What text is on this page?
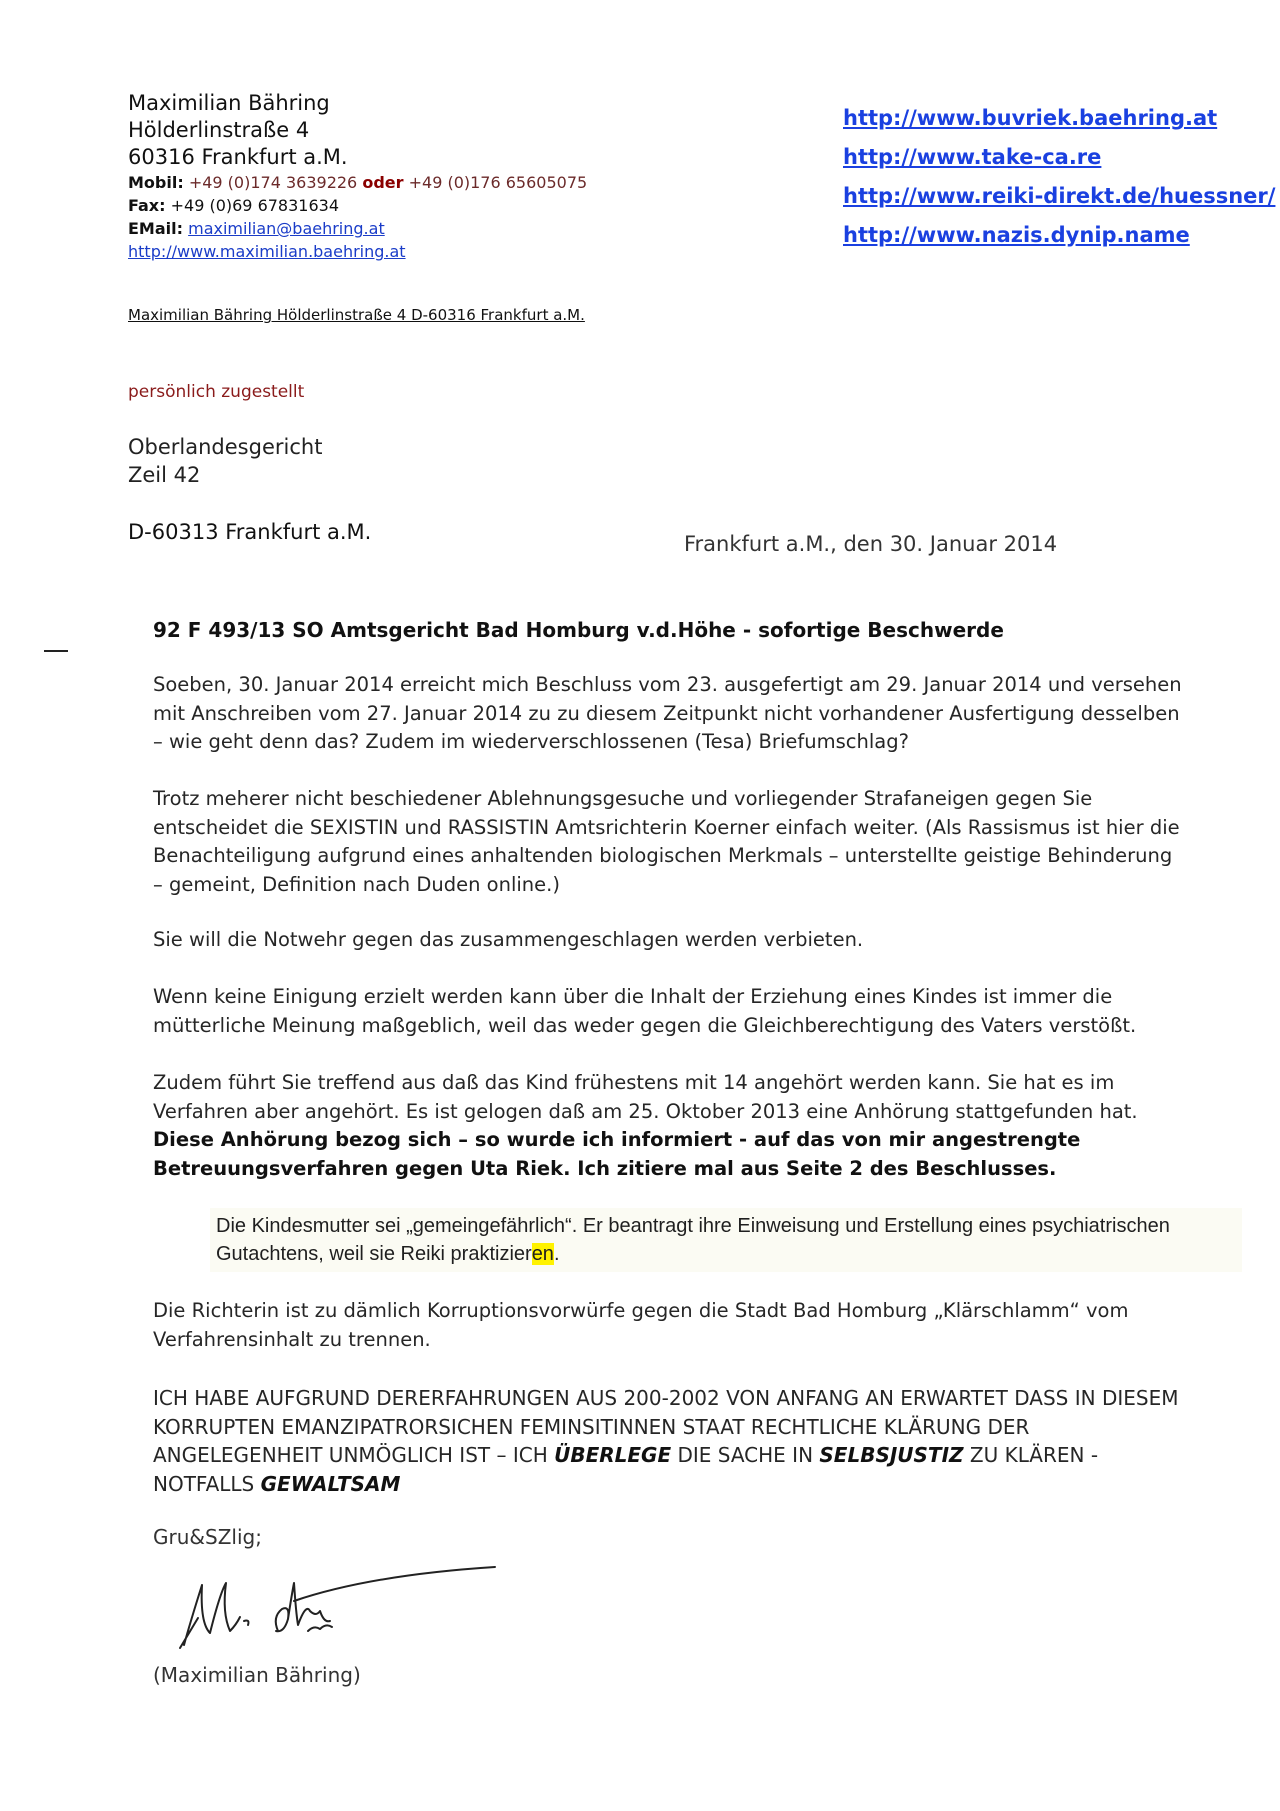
Maximilian Bähring
Hölderlinstraße 4
60316 Frankfurt a.M.
Mobil: +49 (0)174 3639226 oder +49 (0)176 65605075
Fax: +49 (0)69 67831634
EMail: maximilian@baehring.at
http://www.maximilian.baehring.at
http://www.buvriek.baehring.at
http://www.take-ca.re
http://www.reiki-direkt.de/huessner/
http://www.nazis.dynip.name
Maximilian Bähring Hölderlinstraße 4 D-60316 Frankfurt a.M.
persönlich zugestellt
Oberlandesgericht
Zeil 42
D-60313 Frankfurt a.M.	Frankfurt a.M., den 30. Januar 2014
92 F 493/13 SO Amtsgericht Bad Homburg v.d.Höhe - sofortige Beschwerde
Soeben, 30. Januar 2014 erreicht mich Beschluss vom 23. ausgefertigt am 29. Januar 2014 und versehen mit Anschreiben vom 27. Januar 2014 zu zu diesem Zeitpunkt nicht vorhandener Ausfertigung desselben – wie geht denn das? Zudem im wiederverschlossenen (Tesa) Briefumschlag?
Trotz meherer nicht beschiedener Ablehnungsgesuche und vorliegender Strafaneigen gegen Sie entscheidet die SEXISTIN und RASSISTIN Amtsrichterin Koerner einfach weiter. (Als Rassismus ist hier die Benachteiligung aufgrund eines anhaltenden biologischen Merkmals – unterstellte geistige Behinderung – gemeint, Definition nach Duden online.)
Sie will die Notwehr gegen das zusammengeschlagen werden verbieten.
Wenn keine Einigung erzielt werden kann über die Inhalt der Erziehung eines Kindes ist immer die mütterliche Meinung maßgeblich, weil das weder gegen die Gleichberechtigung des Vaters verstößt.
Zudem führt Sie treffend aus daß das Kind frühestens mit 14 angehört werden kann. Sie hat es im Verfahren aber angehört. Es ist gelogen daß am 25. Oktober 2013 eine Anhörung stattgefunden hat. Diese Anhörung bezog sich – so wurde ich informiert - auf das von mir angestrengte Betreuungsverfahren gegen Uta Riek. Ich zitiere mal aus Seite 2 des Beschlusses.
Die Kindesmutter sei „gemeingefährlich“. Er beantragt ihre Einweisung und Erstellung eines psychiatrischen Gutachtens, weil sie Reiki praktizieren.
Die Richterin ist zu dämlich Korruptionsvorwürfe gegen die Stadt Bad Homburg „Klärschlamm“ vom Verfahrensinhalt zu trennen.
ICH HABE AUFGRUND DERERFAHRUNGEN AUS 200-2002 VON ANFANG AN ERWARTET DASS IN DIESEM KORRUPTEN EMANZIPATRORSICHEN FEMINSITINNEN STAAT RECHTLICHE KLÄRUNG DER ANGELEGENHEIT UNMÖGLICH IST – ICH ÜBERLEGE DIE SACHE IN SELBSJUSTIZ ZU KLÄREN -NOTFALLS GEWALTSAM
Gru&SZlig;
(Maximilian Bähring)
